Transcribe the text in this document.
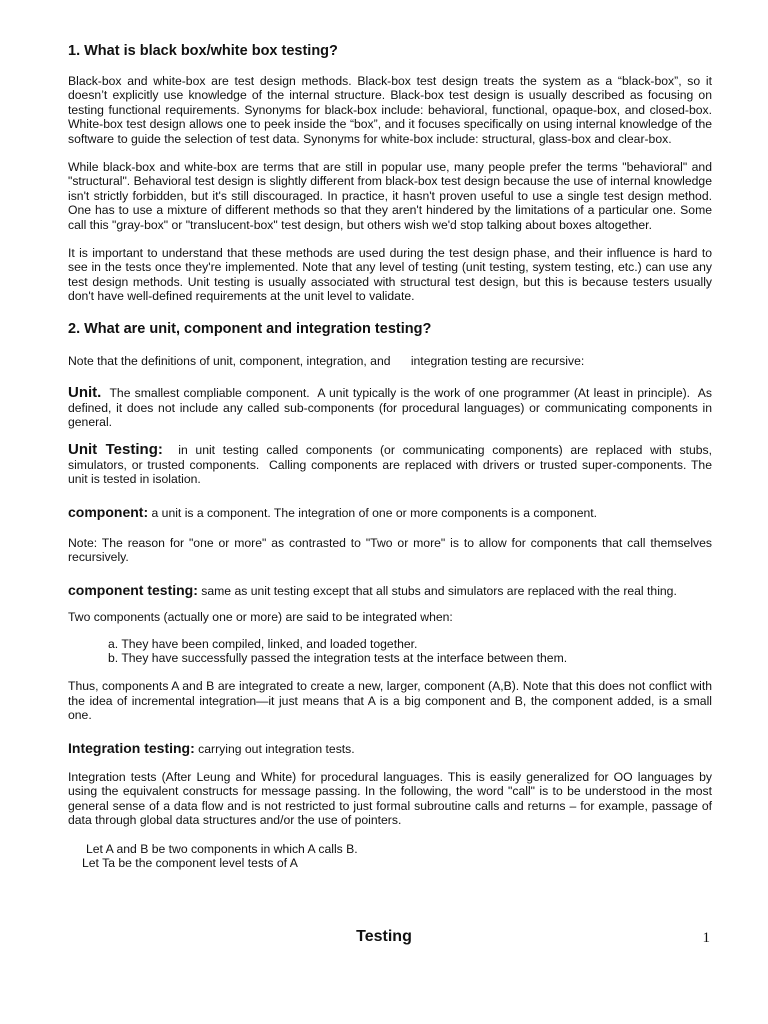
1. What is black box/white box testing?

Black-box and white-box are test design methods. Black-box test design treats the system as a “black-box”, so it doesn’t explicitly use knowledge of the internal structure. Black-box test design is usually described as focusing on testing functional requirements. Synonyms for black-box include: behavioral, functional, opaque-box, and closed-box. White-box test design allows one to peek inside the “box”, and it focuses specifically on using internal knowledge of the software to guide the selection of test data. Synonyms for white-box include: structural, glass-box and clear-box.

While black-box and white-box are terms that are still in popular use, many people prefer the terms "behavioral" and "structural". Behavioral test design is slightly different from black-box test design because the use of internal knowledge isn't strictly forbidden, but it's still discouraged. In practice, it hasn't proven useful to use a single test design method. One has to use a mixture of different methods so that they aren't hindered by the limitations of a particular one. Some call this "gray-box" or "translucent-box" test design, but others wish we'd stop talking about boxes altogether.

It is important to understand that these methods are used during the test design phase, and their influence is hard to see in the tests once they're implemented. Note that any level of testing (unit testing, system testing, etc.) can use any test design methods. Unit testing is usually associated with structural test design, but this is because testers usually don't have well-defined requirements at the unit level to validate.

2. What are unit, component and integration testing?

Note that the definitions of unit, component, integration, and      integration testing are recursive:

Unit.  The smallest compliable component.  A unit typically is the work of one programmer (At least in principle).  As defined, it does not include any called sub-components (for procedural languages) or communicating components in general.

Unit Testing:  in unit testing called components (or communicating components) are replaced with stubs, simulators, or trusted components.  Calling components are replaced with drivers or trusted super-components. The unit is tested in isolation.

component: a unit is a component. The integration of one or more components is a component.

Note: The reason for "one or more" as contrasted to "Two or more" is to allow for components that call themselves recursively.

component testing: same as unit testing except that all stubs and simulators are replaced with the real thing.

Two components (actually one or more) are said to be integrated when:

a. They have been compiled, linked, and loaded together.
b. They have successfully passed the integration tests at the interface between them.

Thus, components A and B are integrated to create a new, larger, component (A,B). Note that this does not conflict with the idea of incremental integration—it just means that A is a big component and B, the component added, is a small one.

Integration testing: carrying out integration tests.

Integration tests (After Leung and White) for procedural languages. This is easily generalized for OO languages by using the equivalent constructs for message passing. In the following, the word "call" is to be understood in the most general sense of a data flow and is not restricted to just formal subroutine calls and returns – for example, passage of data through global data structures and/or the use of pointers.

Let A and B be two components in which A calls B.
Let Ta be the component level tests of A
Testing	1
